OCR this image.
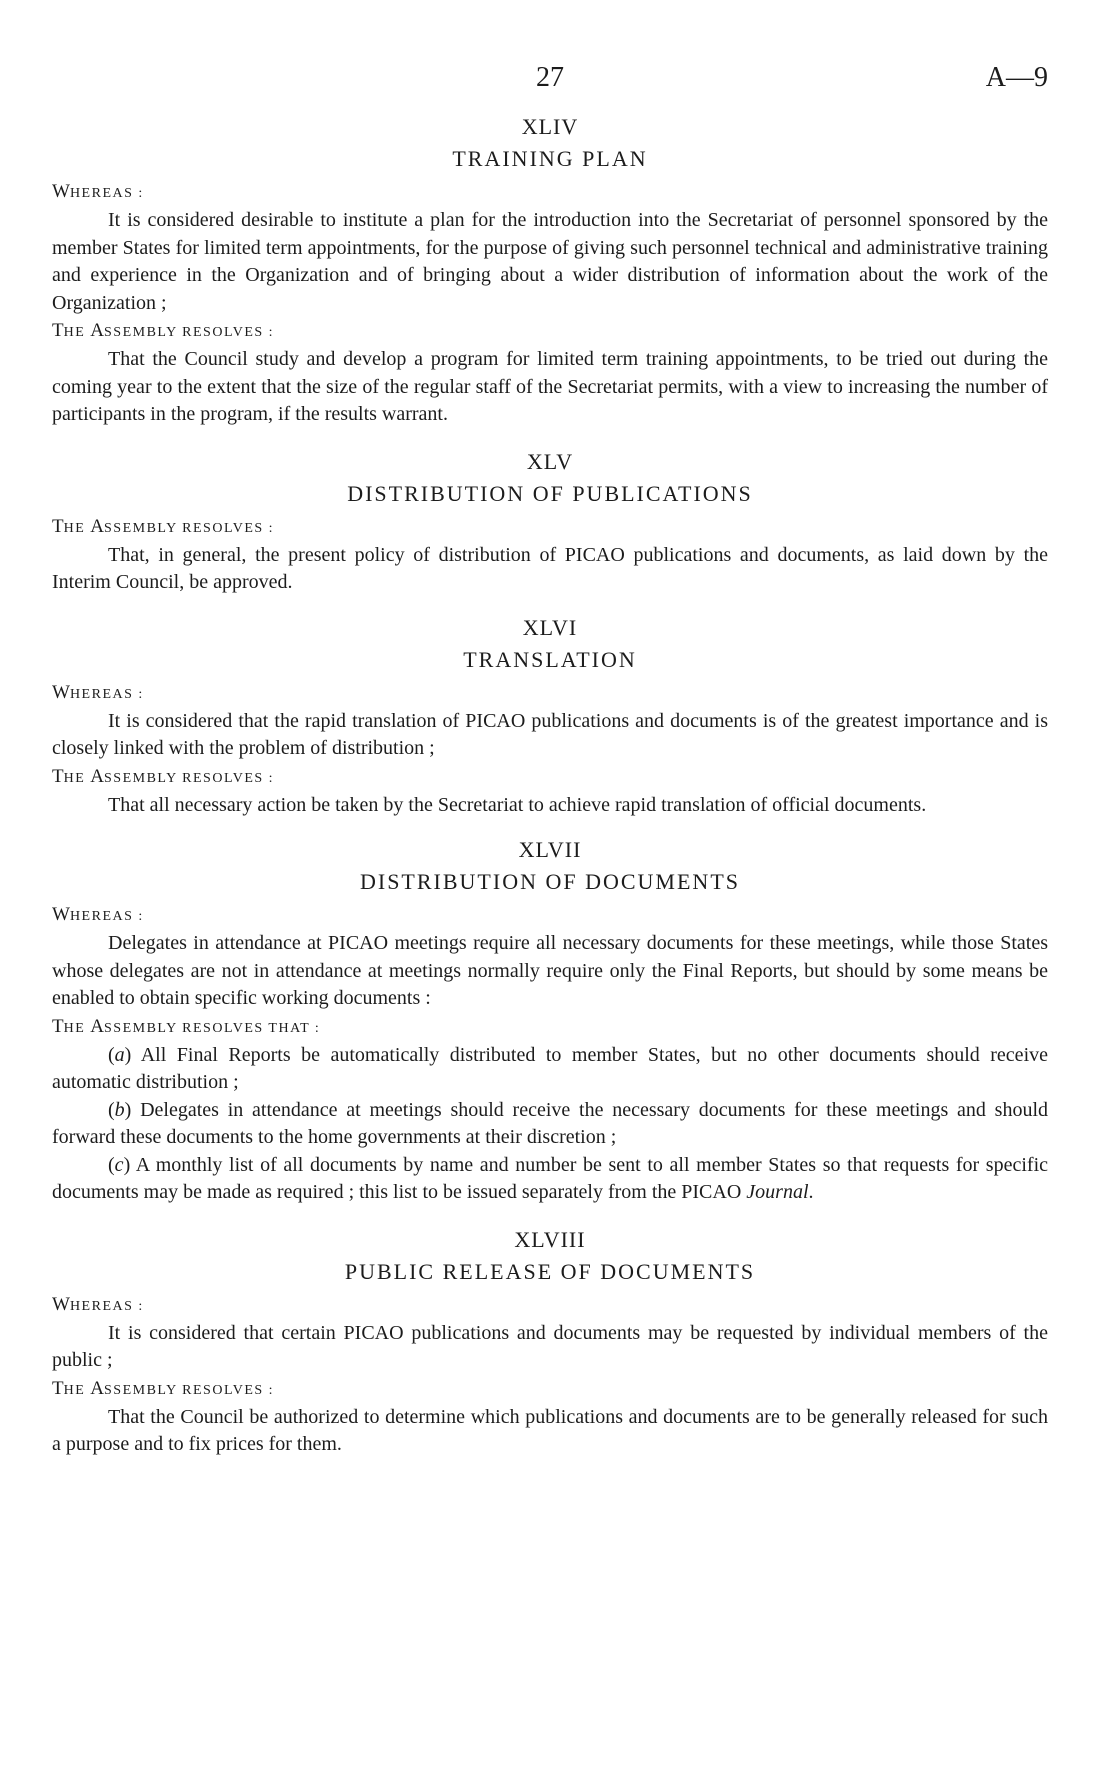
27	A—9
XLIV
TRAINING PLAN
WHEREAS :

It is considered desirable to institute a plan for the introduction into the Secretariat of personnel sponsored by the member States for limited term appointments, for the purpose of giving such personnel technical and administrative training and experience in the Organization and of bringing about a wider distribution of information about the work of the Organization ;

THE ASSEMBLY RESOLVES :

That the Council study and develop a program for limited term training appointments, to be tried out during the coming year to the extent that the size of the regular staff of the Secretariat permits, with a view to increasing the number of participants in the program, if the results warrant.

XLV
DISTRIBUTION OF PUBLICATIONS
THE ASSEMBLY RESOLVES :

That, in general, the present policy of distribution of PICAO publications and documents, as laid down by the Interim Council, be approved.

XLVI
TRANSLATION
WHEREAS :

It is considered that the rapid translation of PICAO publications and documents is of the greatest importance and is closely linked with the problem of distribution ;

THE ASSEMBLY RESOLVES :

That all necessary action be taken by the Secretariat to achieve rapid translation of official documents.

XLVII
DISTRIBUTION OF DOCUMENTS
WHEREAS :

Delegates in attendance at PICAO meetings require all necessary documents for these meetings, while those States whose delegates are not in attendance at meetings normally require only the Final Reports, but should by some means be enabled to obtain specific working documents :

THE ASSEMBLY RESOLVES THAT :

(a) All Final Reports be automatically distributed to member States, but no other documents should receive automatic distribution ;

(b) Delegates in attendance at meetings should receive the necessary documents for these meetings and should forward these documents to the home governments at their discretion ;

(c) A monthly list of all documents by name and number be sent to all member States so that requests for specific documents may be made as required ; this list to be issued separately from the PICAO Journal.

XLVIII
PUBLIC RELEASE OF DOCUMENTS
WHEREAS :

It is considered that certain PICAO publications and documents may be requested by individual members of the public ;

THE ASSEMBLY RESOLVES :

That the Council be authorized to determine which publications and documents are to be generally released for such a purpose and to fix prices for them.
